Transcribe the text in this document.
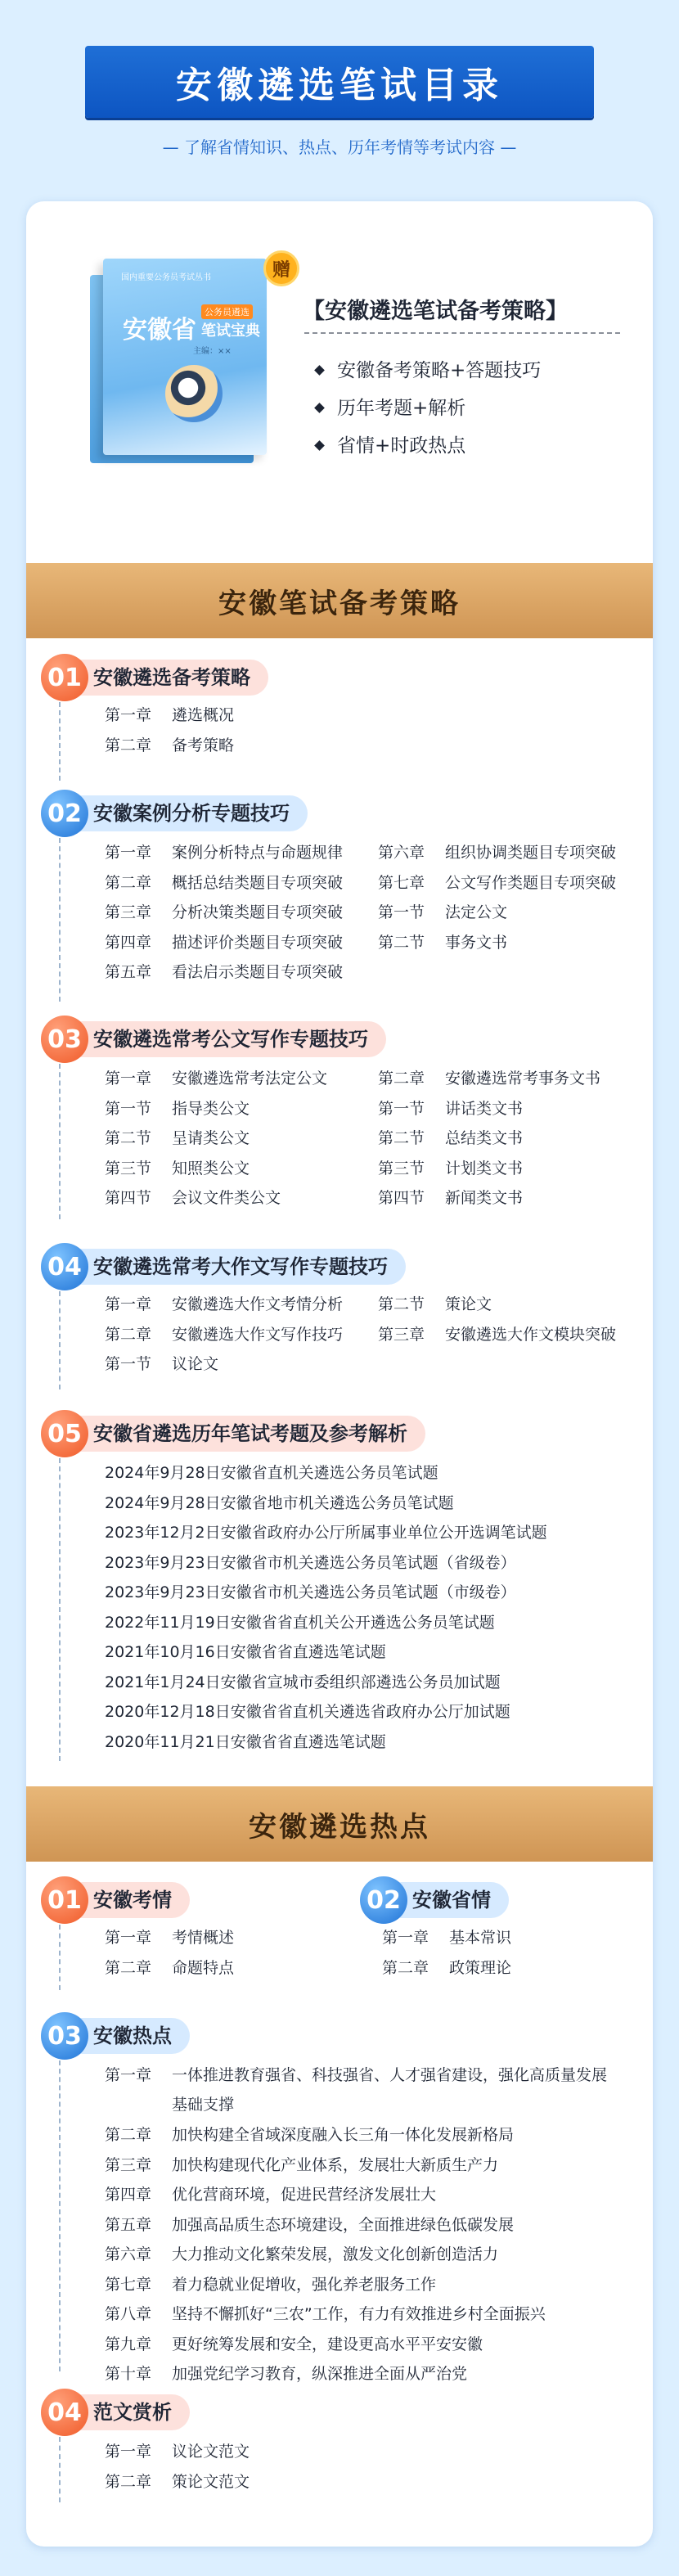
安徽遴选笔试目录
— 了解省情知识、热点、历年考情等考试内容 —
国内重要公务员考试丛书
安徽省
公务员遴选
笔试宝典
主编：××
赠
【安徽遴选笔试备考策略】
安徽备考策略+答题技巧
历年考题+解析
省情+时政热点
安徽笔试备考策略
01 安徽遴选备考策略
第一章 遴选概况
第二章 备考策略
02 安徽案例分析专题技巧
第一章 案例分析特点与命题规律
第二章 概括总结类题目专项突破
第三章 分析决策类题目专项突破
第四章 描述评价类题目专项突破
第五章 看法启示类题目专项突破
第六章 组织协调类题目专项突破
第七章 公文写作类题目专项突破
第一节 法定公文
第二节 事务文书
03 安徽遴选常考公文写作专题技巧
第一章 安徽遴选常考法定公文
第一节 指导类公文
第二节 呈请类公文
第三节 知照类公文
第四节 会议文件类公文
第二章 安徽遴选常考事务文书
第一节 讲话类文书
第二节 总结类文书
第三节 计划类文书
第四节 新闻类文书
04 安徽遴选常考大作文写作专题技巧
第一章 安徽遴选大作文考情分析
第二章 安徽遴选大作文写作技巧
第一节 议论文
第二节 策论文
第三章 安徽遴选大作文模块突破
05 安徽省遴选历年笔试考题及参考解析
2024年9月28日安徽省直机关遴选公务员笔试题
2024年9月28日安徽省地市机关遴选公务员笔试题
2023年12月2日安徽省政府办公厅所属事业单位公开选调笔试题
2023年9月23日安徽省市机关遴选公务员笔试题（省级卷）
2023年9月23日安徽省市机关遴选公务员笔试题（市级卷）
2022年11月19日安徽省省直机关公开遴选公务员笔试题
2021年10月16日安徽省省直遴选笔试题
2021年1月24日安徽省宣城市委组织部遴选公务员加试题
2020年12月18日安徽省省直机关遴选省政府办公厅加试题
2020年11月21日安徽省省直遴选笔试题
01 安徽考情
第一章 考情概述
第二章 命题特点
02 安徽省情
第一章 基本常识
第二章 政策理论
03 安徽热点
第一章 一体推进教育强省、科技强省、人才强省建设，强化高质量发展基础支撑
第二章 加快构建全省域深度融入长三角一体化发展新格局
第三章 加快构建现代化产业体系，发展壮大新质生产力
第四章 优化营商环境，促进民营经济发展壮大
第五章 加强高品质生态环境建设，全面推进绿色低碳发展
第六章 大力推动文化繁荣发展，激发文化创新创造活力
第七章 着力稳就业促增收，强化养老服务工作
第八章 坚持不懈抓好“三农”工作，有力有效推进乡村全面振兴
第九章 更好统筹发展和安全，建设更高水平平安安徽
第十章 加强党纪学习教育，纵深推进全面从严治党
04 范文赏析
第一章 议论文范文
第二章 策论文范文
安徽遴选热点
